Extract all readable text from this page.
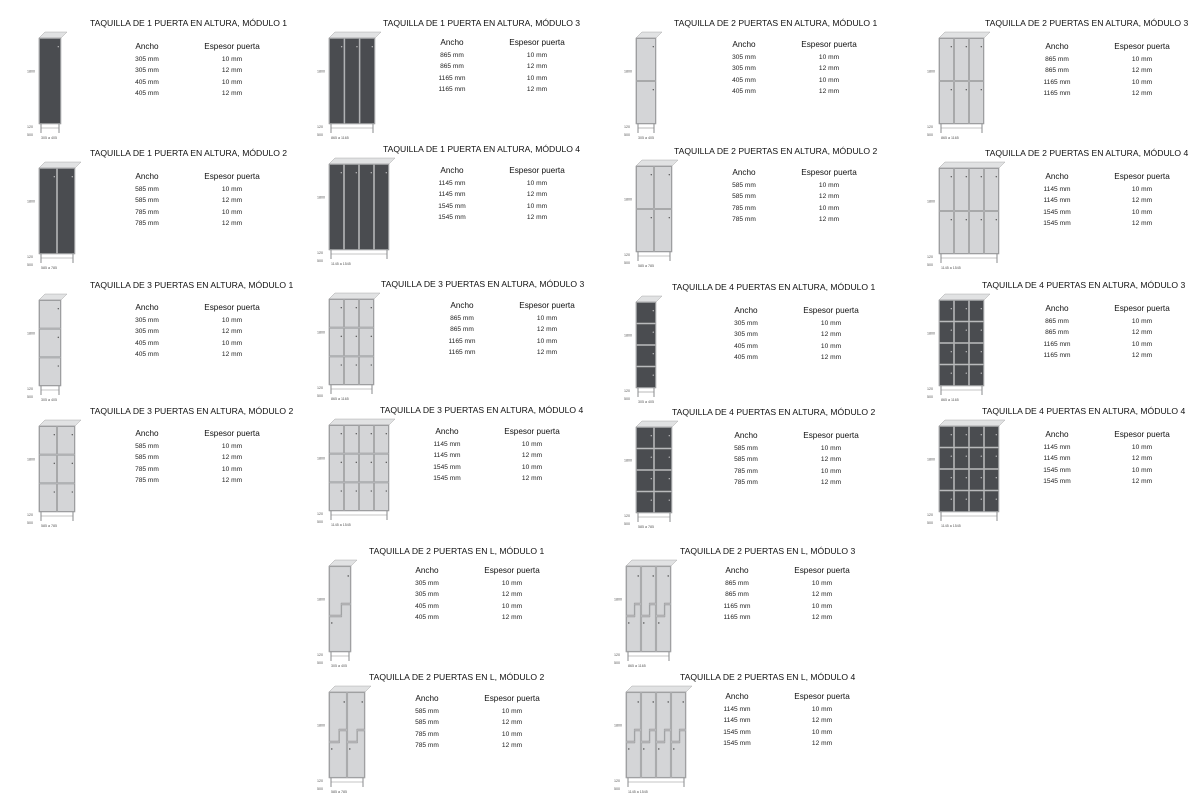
1800
120
500
305 a 405
TAQUILLA DE 1 PUERTA EN ALTURA, MÓDULO 1
Ancho	Espesor puerta
305 mm	10 mm
305 mm	12 mm
405 mm	10 mm
405 mm	12 mm
1800
120
500
865 a 1165
TAQUILLA DE 1 PUERTA EN ALTURA, MÓDULO 3
Ancho	Espesor puerta
865 mm	10 mm
865 mm	12 mm
1165 mm	10 mm
1165 mm	12 mm
1800
120
500
305 a 405
TAQUILLA DE 2 PUERTAS EN ALTURA, MÓDULO 1
Ancho	Espesor puerta
305 mm	10 mm
305 mm	12 mm
405 mm	10 mm
405 mm	12 mm
1800
120
500
865 a 1165
TAQUILLA DE 2 PUERTAS EN ALTURA, MÓDULO 3
Ancho	Espesor puerta
865 mm	10 mm
865 mm	12 mm
1165 mm	10 mm
1165 mm	12 mm
1800
120
500
585 a 785
TAQUILLA DE 1 PUERTA EN ALTURA, MÓDULO 2
Ancho	Espesor puerta
585 mm	10 mm
585 mm	12 mm
785 mm	10 mm
785 mm	12 mm
1800
120
500
1145 a 1545
TAQUILLA DE 1 PUERTA EN ALTURA, MÓDULO 4
Ancho	Espesor puerta
1145 mm	10 mm
1145 mm	12 mm
1545 mm	10 mm
1545 mm	12 mm
1800
120
500
585 a 785
TAQUILLA DE 2 PUERTAS EN ALTURA, MÓDULO 2
Ancho	Espesor puerta
585 mm	10 mm
585 mm	12 mm
785 mm	10 mm
785 mm	12 mm
1800
120
500
1145 a 1545
TAQUILLA DE 2 PUERTAS EN ALTURA, MÓDULO 4
Ancho	Espesor puerta
1145 mm	10 mm
1145 mm	12 mm
1545 mm	10 mm
1545 mm	12 mm
1800
120
500
305 a 405
TAQUILLA DE 3 PUERTAS EN ALTURA, MÓDULO 1
Ancho	Espesor puerta
305 mm	10 mm
305 mm	12 mm
405 mm	10 mm
405 mm	12 mm
1800
120
500
865 a 1165
TAQUILLA DE 3 PUERTAS EN ALTURA, MÓDULO 3
Ancho	Espesor puerta
865 mm	10 mm
865 mm	12 mm
1165 mm	10 mm
1165 mm	12 mm
1800
120
500
305 a 405
TAQUILLA DE 4 PUERTAS EN ALTURA, MÓDULO 1
Ancho	Espesor puerta
305 mm	10 mm
305 mm	12 mm
405 mm	10 mm
405 mm	12 mm
1800
120
500
865 a 1165
TAQUILLA DE 4 PUERTAS EN ALTURA, MÓDULO 3
Ancho	Espesor puerta
865 mm	10 mm
865 mm	12 mm
1165 mm	10 mm
1165 mm	12 mm
1800
120
500
585 a 785
TAQUILLA DE 3 PUERTAS EN ALTURA, MÓDULO 2
Ancho	Espesor puerta
585 mm	10 mm
585 mm	12 mm
785 mm	10 mm
785 mm	12 mm
1800
120
500
1145 a 1545
TAQUILLA DE 3 PUERTAS EN ALTURA, MÓDULO 4
Ancho	Espesor puerta
1145 mm	10 mm
1145 mm	12 mm
1545 mm	10 mm
1545 mm	12 mm
1800
120
500
585 a 785
TAQUILLA DE 4 PUERTAS EN ALTURA, MÓDULO 2
Ancho	Espesor puerta
585 mm	10 mm
585 mm	12 mm
785 mm	10 mm
785 mm	12 mm
1800
120
500
1145 a 1545
TAQUILLA DE 4 PUERTAS EN ALTURA, MÓDULO 4
Ancho	Espesor puerta
1145 mm	10 mm
1145 mm	12 mm
1545 mm	10 mm
1545 mm	12 mm
1800
120
500
305 a 405
TAQUILLA DE 2 PUERTAS EN L, MÓDULO 1
Ancho	Espesor puerta
305 mm	10 mm
305 mm	12 mm
405 mm	10 mm
405 mm	12 mm
1800
120
500
865 a 1165
TAQUILLA DE 2 PUERTAS EN L, MÓDULO 3
Ancho	Espesor puerta
865 mm	10 mm
865 mm	12 mm
1165 mm	10 mm
1165 mm	12 mm
1800
120
500
585 a 785
TAQUILLA DE 2 PUERTAS EN L, MÓDULO 2
Ancho	Espesor puerta
585 mm	10 mm
585 mm	12 mm
785 mm	10 mm
785 mm	12 mm
1800
120
500
1145 a 1545
TAQUILLA DE 2 PUERTAS EN L, MÓDULO 4
Ancho	Espesor puerta
1145 mm	10 mm
1145 mm	12 mm
1545 mm	10 mm
1545 mm	12 mm
